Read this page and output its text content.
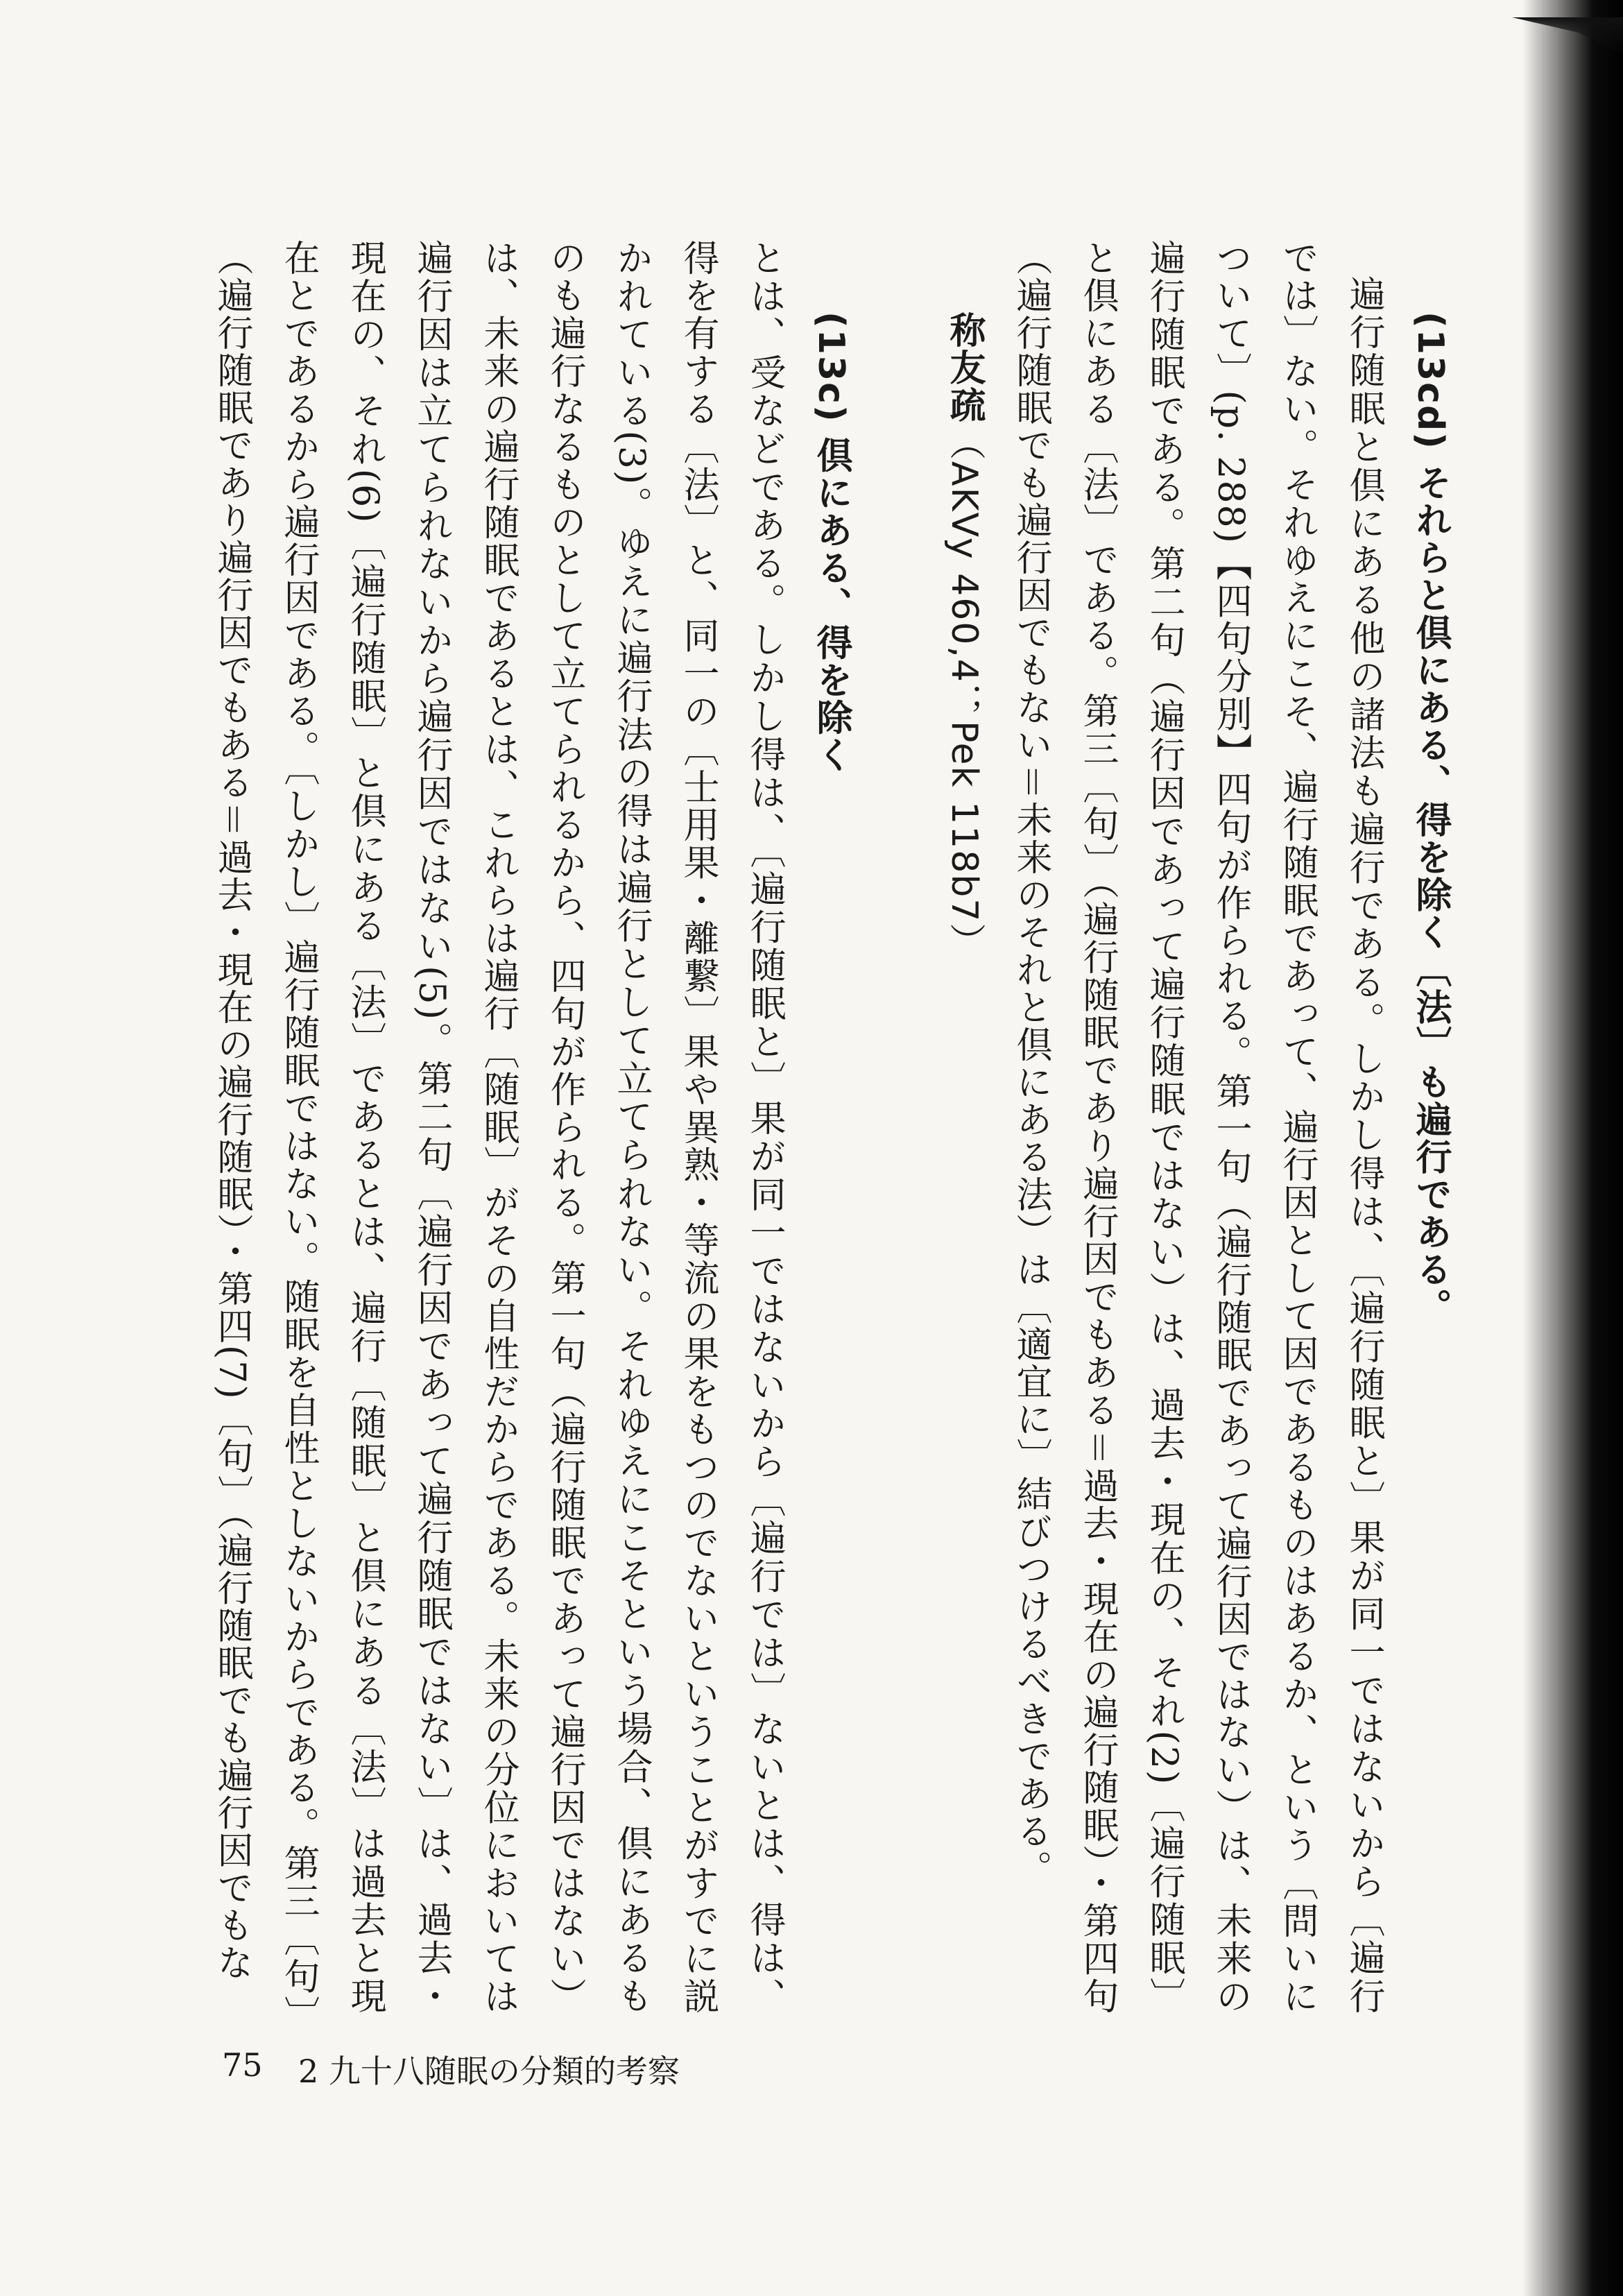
(13cd) それらと倶にある、得を除く〔法〕も遍行である。

遍行随眠と倶にある他の諸法も遍行である。しかし得は、〔遍行随眠と〕果が同一ではないから〔遍行では〕ない。それゆえにこそ、遍行随眠であって、遍行因として因であるものはあるか、という〔問いについて〕(p. 288)【四句分別】四句が作られる。第一句（遍行随眠であって遍行因ではない）は、未来の遍行随眠である。第二句（遍行因であって遍行随眠ではない）は、過去・現在の、それ(2)〔遍行随眠〕と倶にある〔法〕である。第三〔句〕（遍行随眠であり遍行因でもある＝過去・現在の遍行随眠）・第四句（遍行随眠でも遍行因でもない＝未来のそれと倶にある法）は〔適宜に〕結びつけるべきである。

称友疏（AKVy 460,4；Pek 118b7）

(13c) 倶にある、得を除く

とは、受などである。しかし得は、〔遍行随眠と〕果が同一ではないから〔遍行では〕ないとは、得は、得を有する〔法〕と、同一の〔士用果・離繋〕果や異熟・等流の果をもつのでないということがすでに説かれている(3)。ゆえに遍行法の得は遍行として立てられない。それゆえにこそという場合、倶にあるものも遍行なるものとして立てられるから、四句が作られる。第一句（遍行随眠であって遍行因ではない）は、未来の遍行随眠であるとは、これらは遍行〔随眠〕がその自性だからである。未来の分位においては遍行因は立てられないから遍行因ではない(5)。第二句〔遍行因であって遍行随眠ではない〕は、過去・現在の、それ(6)〔遍行随眠〕と倶にある〔法〕であるとは、遍行〔随眠〕と倶にある〔法〕は過去と現在とであるから遍行因である。〔しかし〕遍行随眠ではない。随眠を自性としないからである。第三〔句〕（遍行随眠であり遍行因でもある＝過去・現在の遍行随眠）・第四(7)〔句〕（遍行随眠でも遍行因でもな

75 2 九十八随眠の分類的考察
